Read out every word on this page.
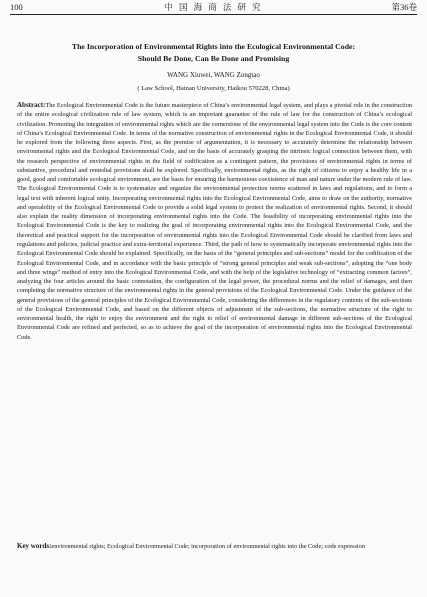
100	中 国 海 商 法 研 究	第36卷
The Incorporation of Environmental Rights into the Ecological Environmental Code:
Should Be Done, Can Be Done and Promising
WANG Xiuwei, WANG Zongtao
( Law School, Hainan University, Haikou 570228, China)

Abstract:The Ecological Environmental Code is the future masterpiece of China’s environmental legal system, and plays a pivotal role in the construction of the entire ecological civilization rule of law system, which is an important guarantee of the rule of law for the construction of China’s ecological civilization. Promoting the integration of environmental rights which are the cornerstone of the environmental legal system into the Code is the core content of China’s Ecological Environmental Code. In terms of the normative construction of environmental rights in the Ecological Environmental Code, it should be explored from the following three aspects. First, as the premise of argumentation, it is necessary to accurately determine the relationship between environmental rights and the Ecological Environmental Code, and on the basis of accurately grasping the intrinsic logical connection between them, with the research perspective of environmental rights in the field of codification as a contingent pattern, the provisions of environmental rights in terms of substantive, procedural and remedial provisions shall be explored. Specifically, environmental rights, as the right of citizens to enjoy a healthy life in a good, good and comfortable ecological environment, are the basis for ensuring the harmonious coexistence of man and nature under the modern rule of law. The Ecological Environmental Code is to systematize and organize the environmental protection norms scattered in laws and regulations, and to form a legal text with inherent logical unity. Incorporating environmental rights into the Ecological Environmental Code, aims to draw on the authority, normative and operability of the Ecological Environmental Code to provide a solid legal system to protect the realization of environmental rights. Second, it should also explain the reality dimension of incorporating environmental rights into the Code. The feasibility of incorporating environmental rights into the Ecological Environmental Code is the key to realizing the goal of incorporating environmental rights into the Ecological Environmental Code, and the theoretical and practical support for the incorporation of environmental rights into the Ecological Environmental Code should be clarified from laws and regulations and policies, judicial practice and extra-territorial experience. Third, the path of how to systematically incorporate environmental rights into the Ecological Environmental Code should be explained. Specifically, on the basis of the “general principles and sub-sections” model for the codification of the Ecological Environmental Code, and in accordance with the basic principle of “strong general principles and weak sub-sections”, adopting the “one body and three wings” method of entry into the Ecological Environmental Code, and with the help of the legislative technology of “extracting common factors”, analyzing the four articles around the basic connotation, the configuration of the legal power, the procedural norms and the relief of damages, and then completing the normative structure of the environmental rights in the general provisions of the Ecological Environmental Code. Under the guidance of the general provisions of the general principles of the Ecological Environmental Code, considering the differences in the regulatory contents of the sub-sections of the Ecological Environmental Code, and based on the different objects of adjustment of the sub-sections, the normative structure of the right to environmental health, the right to enjoy the environment and the right to relief of environmental damage in different sub-sections of the Ecological Environmental Code are refined and perfected, so as to achieve the goal of the incorporation of environmental rights into the Ecological Environmental Code.

Key words:environmental rights; Ecological Environmental Code; incorporation of environmental rights into the Code; code expression
